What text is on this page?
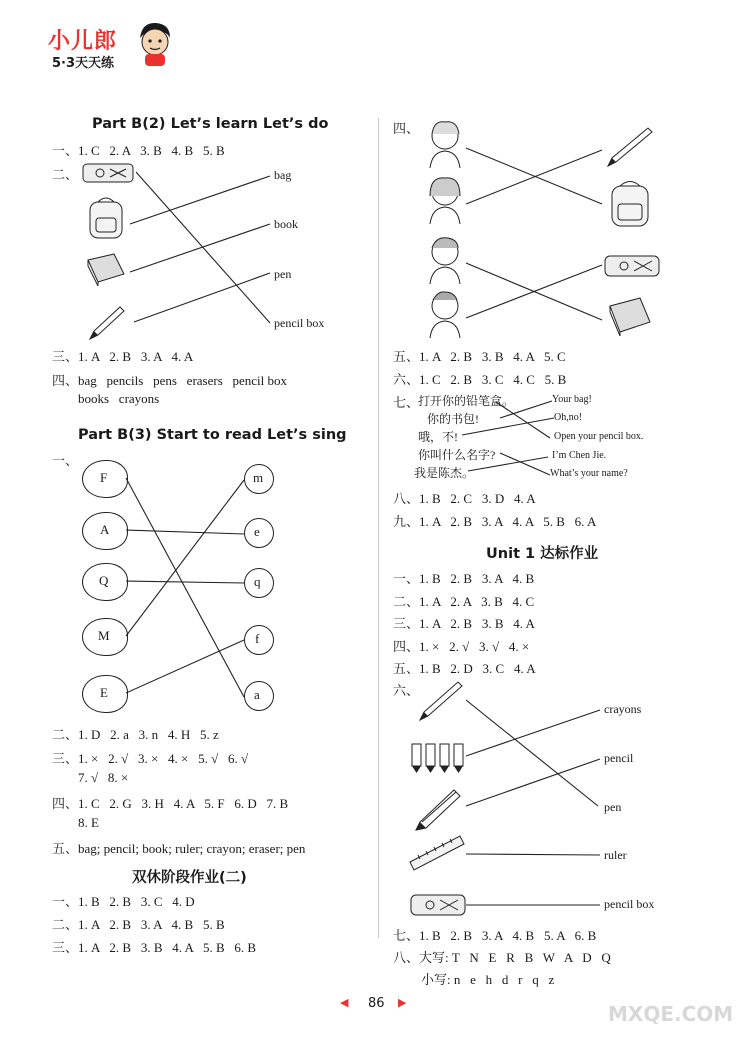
小儿郎
5·3天天练
Part B(2) Let’s learn Let’s do
一、1. C   2. A   3. B   4. B   5. B
二、	bag
book
pen
pencil box
三、1. A   2. B   3. A   4. A
四、bag   pencils   pens   erasers   pencil box
books   crayons
Part B(3) Start to read Let’s sing
一、
F
A
Q
M
E
m
e
q
f
a
二、1. D   2. a   3. n   4. H   5. z
三、1. ×   2. √   3. ×   4. ×   5. √   6. √
7. √   8. ×
四、1. C   2. G   3. H   4. A   5. F   6. D   7. B
8. E
五、bag; pencil; book; ruler; crayon; eraser; pen
双休阶段作业(二)
一、1. B   2. B   3. C   4. D
二、1. A   2. B   3. A   4. B   5. B
三、1. A   2. B   3. B   4. A   5. B   6. B
四、
五、1. A   2. B   3. B   4. A   5. C
六、1. C   2. B   3. C   4. C   5. B
七、
打开你的铅笔盒。
你的书包!
哦，不!
你叫什么名字?
我是陈杰。
Your bag!
Oh,no!
Open your pencil box.
I’m Chen Jie.
What’s your name?
八、1. B   2. C   3. D   4. A
九、1. A   2. B   3. A   4. A   5. B   6. A
Unit 1 达标作业
一、1. B   2. B   3. A   4. B
二、1. A   2. A   3. B   4. C
三、1. A   2. B   3. B   4. A
四、1. ×   2. √   3. √   4. ×
五、1. B   2. D   3. C   4. A
六、
crayons
pencil
pen
ruler
pencil box
七、1. B   2. B   3. A   4. B   5. A   6. B
八、大写: T   N   E   R   B   W   A   D   Q
小写: n   e   h   d   r   q   z
◀ 86 ▶	MXQE.COM
